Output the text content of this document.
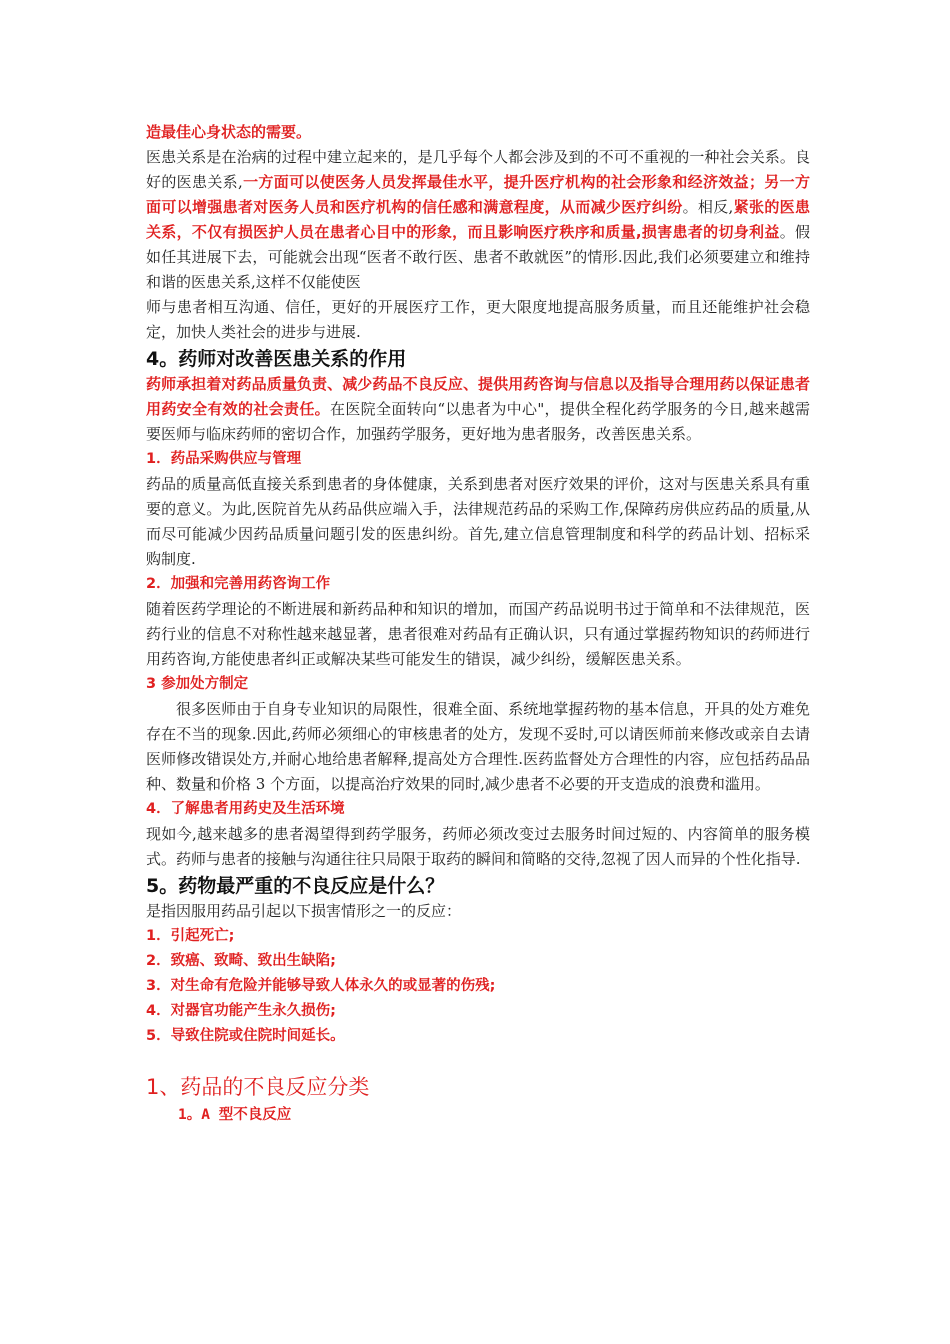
造最佳心身状态的需要。

医患关系是在治病的过程中建立起来的，是几乎每个人都会涉及到的不可不重视的一种社会关系。良好的医患关系,一方面可以使医务人员发挥最佳水平，提升医疗机构的社会形象和经济效益；另一方面可以增强患者对医务人员和医疗机构的信任感和满意程度，从而减少医疗纠纷。相反,紧张的医患关系，不仅有损医护人员在患者心目中的形象，而且影响医疗秩序和质量,损害患者的切身利益。假如任其进展下去，可能就会出现“医者不敢行医、患者不敢就医”的情形.因此,我们必须要建立和维持和谐的医患关系,这样不仅能使医

师与患者相互沟通、信任，更好的开展医疗工作，更大限度地提高服务质量，而且还能维护社会稳定，加快人类社会的进步与进展.

4。药师对改善医患关系的作用

药师承担着对药品质量负责、减少药品不良反应、提供用药咨询与信息以及指导合理用药以保证患者用药安全有效的社会责任。在医院全面转向“以患者为中心"，提供全程化药学服务的今日,越来越需要医师与临床药师的密切合作，加强药学服务，更好地为患者服务，改善医患关系。

1．药品采购供应与管理

药品的质量高低直接关系到患者的身体健康，关系到患者对医疗效果的评价，这对与医患关系具有重要的意义。为此,医院首先从药品供应端入手，法律规范药品的采购工作,保障药房供应药品的质量,从而尽可能减少因药品质量问题引发的医患纠纷。首先,建立信息管理制度和科学的药品计划、招标采购制度.

2．加强和完善用药咨询工作

随着医药学理论的不断进展和新药品种和知识的增加，而国产药品说明书过于简单和不法律规范，医药行业的信息不对称性越来越显著，患者很难对药品有正确认识，只有通过掌握药物知识的药师进行用药咨询,方能使患者纠正或解决某些可能发生的错误，减少纠纷，缓解医患关系。

3 参加处方制定

很多医师由于自身专业知识的局限性，很难全面、系统地掌握药物的基本信息，开具的处方难免存在不当的现象.因此,药师必须细心的审核患者的处方，发现不妥时,可以请医师前来修改或亲自去请医师修改错误处方,并耐心地给患者解释,提高处方合理性.医药监督处方合理性的内容，应包括药品品种、数量和价格 3 个方面，以提高治疗效果的同时,减少患者不必要的开支造成的浪费和滥用。

4．了解患者用药史及生活环境

现如今,越来越多的患者渴望得到药学服务，药师必须改变过去服务时间过短的、内容简单的服务模式。药师与患者的接触与沟通往往只局限于取药的瞬间和简略的交待,忽视了因人而异的个性化指导.

5。药物最严重的不良反应是什么？

是指因服用药品引起以下损害情形之一的反应：

1．引起死亡;

2．致癌、致畸、致出生缺陷;

3．对生命有危险并能够导致人体永久的或显著的伤残;

4．对器官功能产生永久损伤;

5．导致住院或住院时间延长。

1、药品的不良反应分类

1。A 型不良反应
